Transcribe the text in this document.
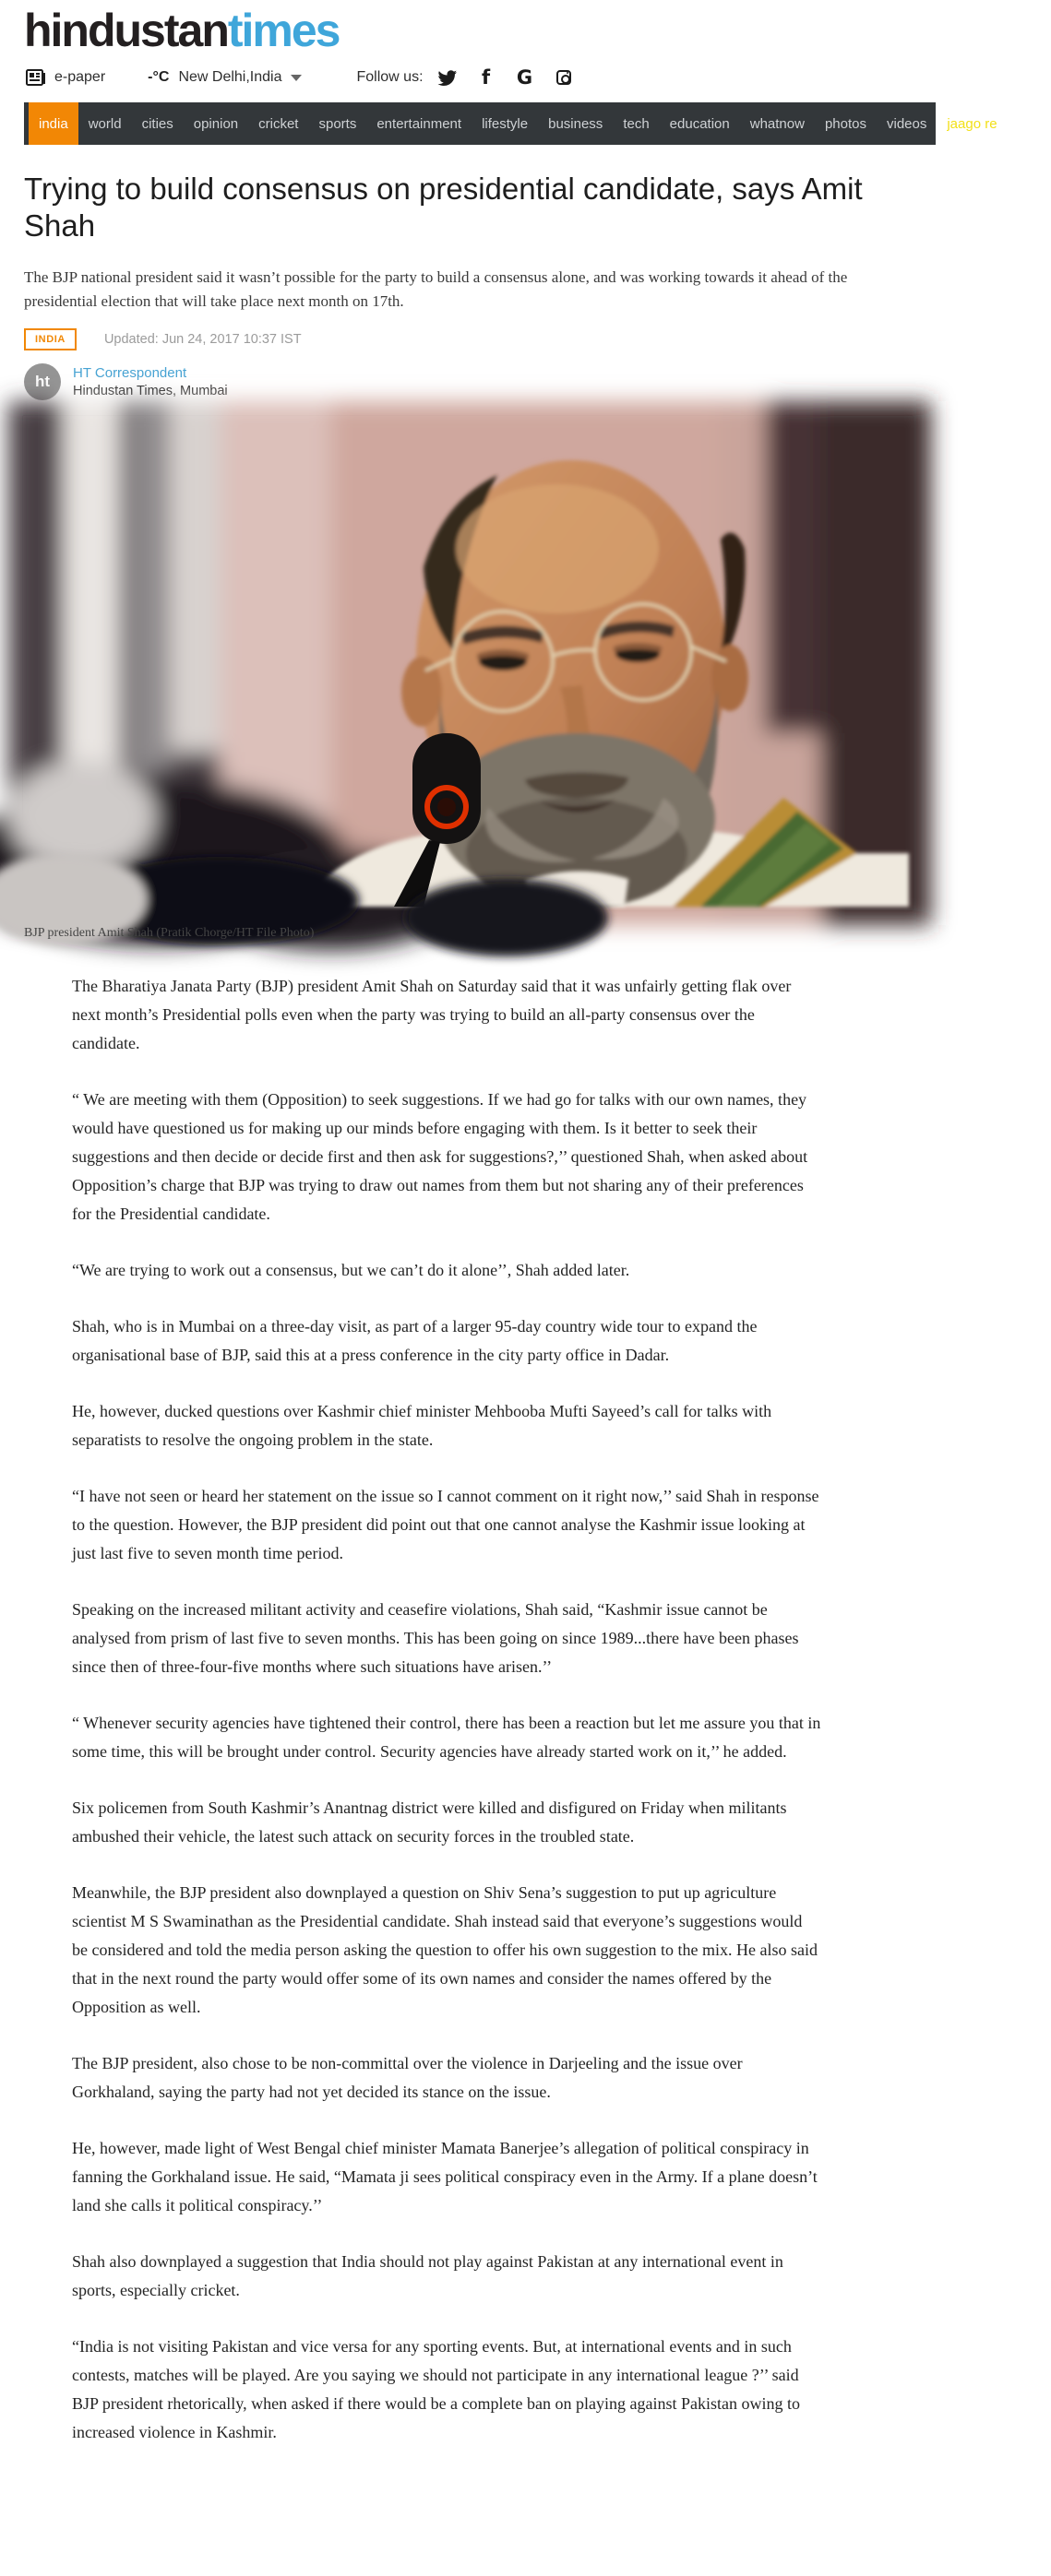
hindustantimes
e-paper	-°C New Delhi,India	Follow us:	f G
india	world	cities	opinion	cricket	sports	entertainment	lifestyle	business	tech	education	whatnow	photos	videos	jaago re	•••
Trying to build consensus on presidential candidate, says Amit Shah

The BJP national president said it wasn’t possible for the party to build a consensus alone, and was working towards it ahead of the presidential election that will take place next month on 17th.

INDIA	Updated: Jun 24, 2017 10:37 IST
ht	HT Correspondent
Hindustan Times, Mumbai
BJP president Amit Shah (Pratik Chorge/HT File Photo)

The Bharatiya Janata Party (BJP) president Amit Shah on Saturday said that it was unfairly getting flak over next month’s Presidential polls even when the party was trying to build an all-party consensus over the candidate.

“ We are meeting with them (Opposition) to seek suggestions. If we had go for talks with our own names, they would have questioned us for making up our minds before engaging with them. Is it better to seek their suggestions and then decide or decide first and then ask for suggestions?,’’ questioned Shah, when asked about Opposition’s charge that BJP was trying to draw out names from them but not sharing any of their preferences for the Presidential candidate.

“We are trying to work out a consensus, but we can’t do it alone’’, Shah added later.

Shah, who is in Mumbai on a three-day visit, as part of a larger 95-day country wide tour to expand the organisational base of BJP, said this at a press conference in the city party office in Dadar.

He, however, ducked questions over Kashmir chief minister Mehbooba Mufti Sayeed’s call for talks with separatists to resolve the ongoing problem in the state.

“I have not seen or heard her statement on the issue so I cannot comment on it right now,’’ said Shah in response to the question. However, the BJP president did point out that one cannot analyse the Kashmir issue looking at just last five to seven month time period.

Speaking on the increased militant activity and ceasefire violations, Shah said, “Kashmir issue cannot be analysed from prism of last five to seven months. This has been going on since 1989...there have been phases since then of three-four-five months where such situations have arisen.’’

“ Whenever security agencies have tightened their control, there has been a reaction but let me assure you that in some time, this will be brought under control. Security agencies have already started work on it,’’ he added.

Six policemen from South Kashmir’s Anantnag district were killed and disfigured on Friday when militants ambushed their vehicle, the latest such attack on security forces in the troubled state.

Meanwhile, the BJP president also downplayed a question on Shiv Sena’s suggestion to put up agriculture scientist M S Swaminathan as the Presidential candidate. Shah instead said that everyone’s suggestions would be considered and told the media person asking the question to offer his own suggestion to the mix. He also said that in the next round the party would offer some of its own names and consider the names offered by the Opposition as well.

The BJP president, also chose to be non-committal over the violence in Darjeeling and the issue over Gorkhaland, saying the party had not yet decided its stance on the issue.

He, however, made light of West Bengal chief minister Mamata Banerjee’s allegation of political conspiracy in fanning the Gorkhaland issue. He said, “Mamata ji sees political conspiracy even in the Army. If a plane doesn’t land she calls it political conspiracy.’’

Shah also downplayed a suggestion that India should not play against Pakistan at any international event in sports, especially cricket.

“India is not visiting Pakistan and vice versa for any sporting events. But, at international events and in such contests, matches will be played. Are you saying we should not participate in any international league ?’’ said BJP president rhetorically, when asked if there would be a complete ban on playing against Pakistan owing to increased violence in Kashmir.
